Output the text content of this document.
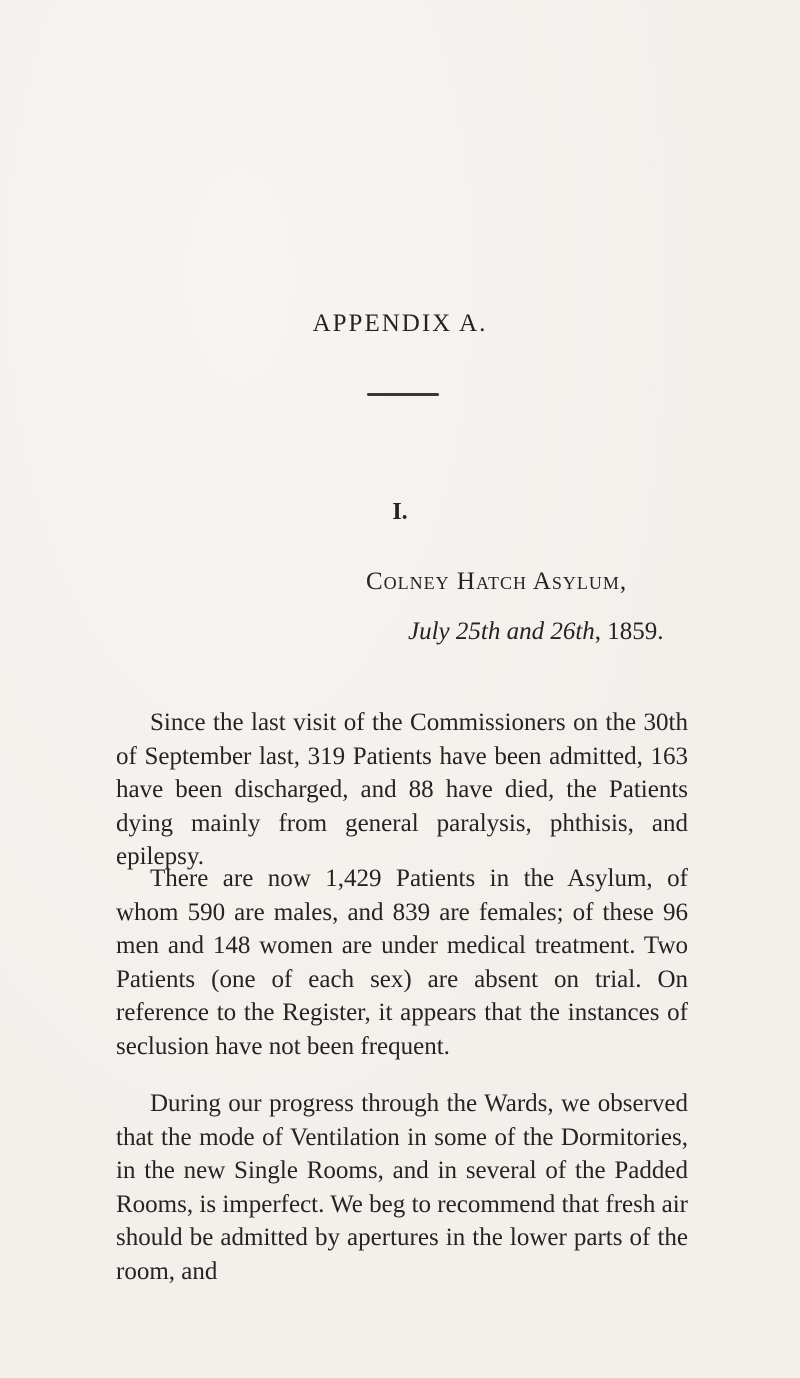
APPENDIX A.
I.
Colney Hatch Asylum,
July 25th and 26th, 1859.

Since the last visit of the Commissioners on the 30th of September last, 319 Patients have been admitted, 163 have been discharged, and 88 have died, the Patients dying mainly from general paralysis, phthisis, and epilepsy.

There are now 1,429 Patients in the Asylum, of whom 590 are males, and 839 are females; of these 96 men and 148 women are under medical treatment. Two Patients (one of each sex) are absent on trial. On reference to the Register, it appears that the instances of seclusion have not been frequent.

During our progress through the Wards, we observed that the mode of Ventilation in some of the Dormitories, in the new Single Rooms, and in several of the Padded Rooms, is imperfect. We beg to recommend that fresh air should be admitted by apertures in the lower parts of the room, and
